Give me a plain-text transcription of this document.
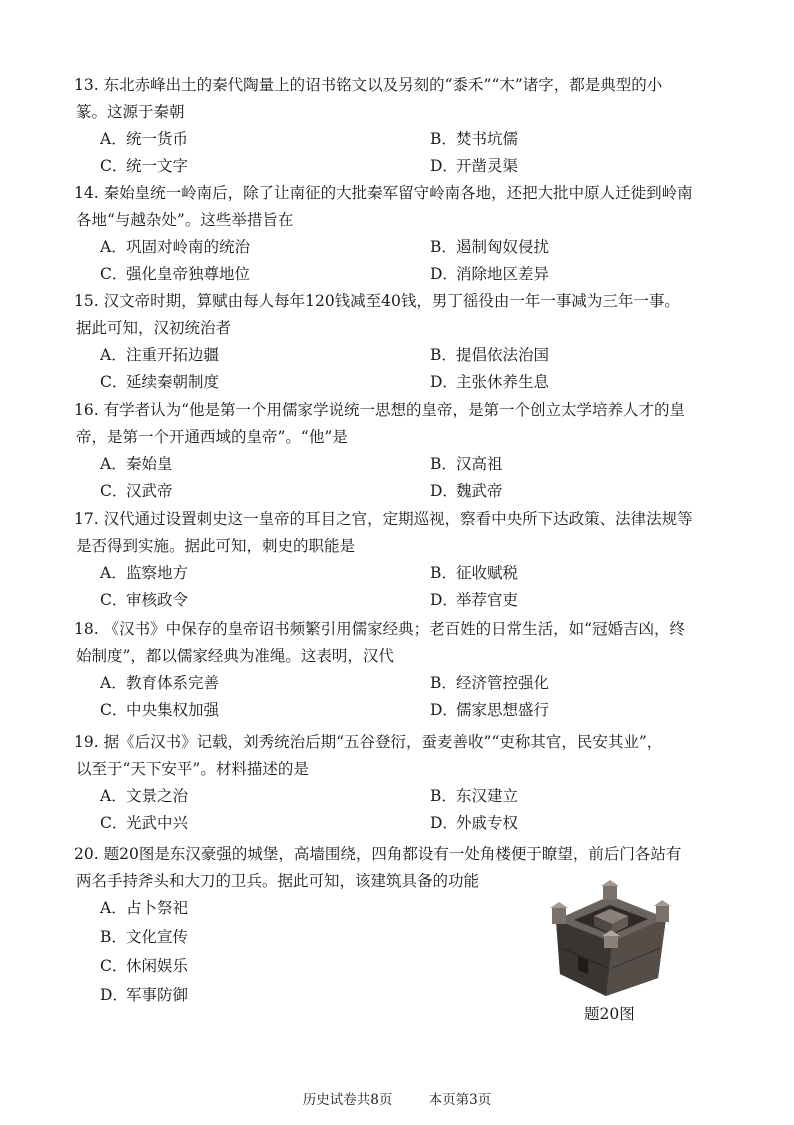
13. 东北赤峰出土的秦代陶量上的诏书铭文以及另刻的“黍禾”“木”诸字，都是典型的小
篆。这源于秦朝

A．统一货币	B．焚书坑儒
C．统一文字	D．开凿灵渠

14. 秦始皇统一岭南后，除了让南征的大批秦军留守岭南各地，还把大批中原人迁徙到岭南
各地“与越杂处”。这些举措旨在

A．巩固对岭南的统治	B．遏制匈奴侵扰
C．强化皇帝独尊地位	D．消除地区差异

15. 汉文帝时期，算赋由每人每年120钱减至40钱，男丁徭役由一年一事减为三年一事。
据此可知，汉初统治者

A．注重开拓边疆	B．提倡依法治国
C．延续秦朝制度	D．主张休养生息

16. 有学者认为“他是第一个用儒家学说统一思想的皇帝，是第一个创立太学培养人才的皇
帝，是第一个开通西域的皇帝”。“他”是

A．秦始皇	B．汉高祖
C．汉武帝	D．魏武帝

17. 汉代通过设置刺史这一皇帝的耳目之官，定期巡视，察看中央所下达政策、法律法规等
是否得到实施。据此可知，刺史的职能是

A．监察地方	B．征收赋税
C．审核政令	D．举荐官吏

18. 《汉书》中保存的皇帝诏书频繁引用儒家经典；老百姓的日常生活，如“冠婚吉凶，终
始制度”，都以儒家经典为准绳。这表明，汉代

A．教育体系完善	B．经济管控强化
C．中央集权加强	D．儒家思想盛行

19. 据《后汉书》记载，刘秀统治后期“五谷登衍，蚕麦善收”“吏称其官，民安其业”，
以至于“天下安平”。材料描述的是

A．文景之治	B．东汉建立
C．光武中兴	D．外戚专权

20. 题20图是东汉豪强的城堡，高墙围绕，四角都设有一处角楼便于瞭望，前后门各站有
两名手持斧头和大刀的卫兵。据此可知，该建筑具备的功能

A．占卜祭祀
B．文化宣传
C．休闲娱乐
D．军事防御
题20图
历史试卷共8页	本页第3页
